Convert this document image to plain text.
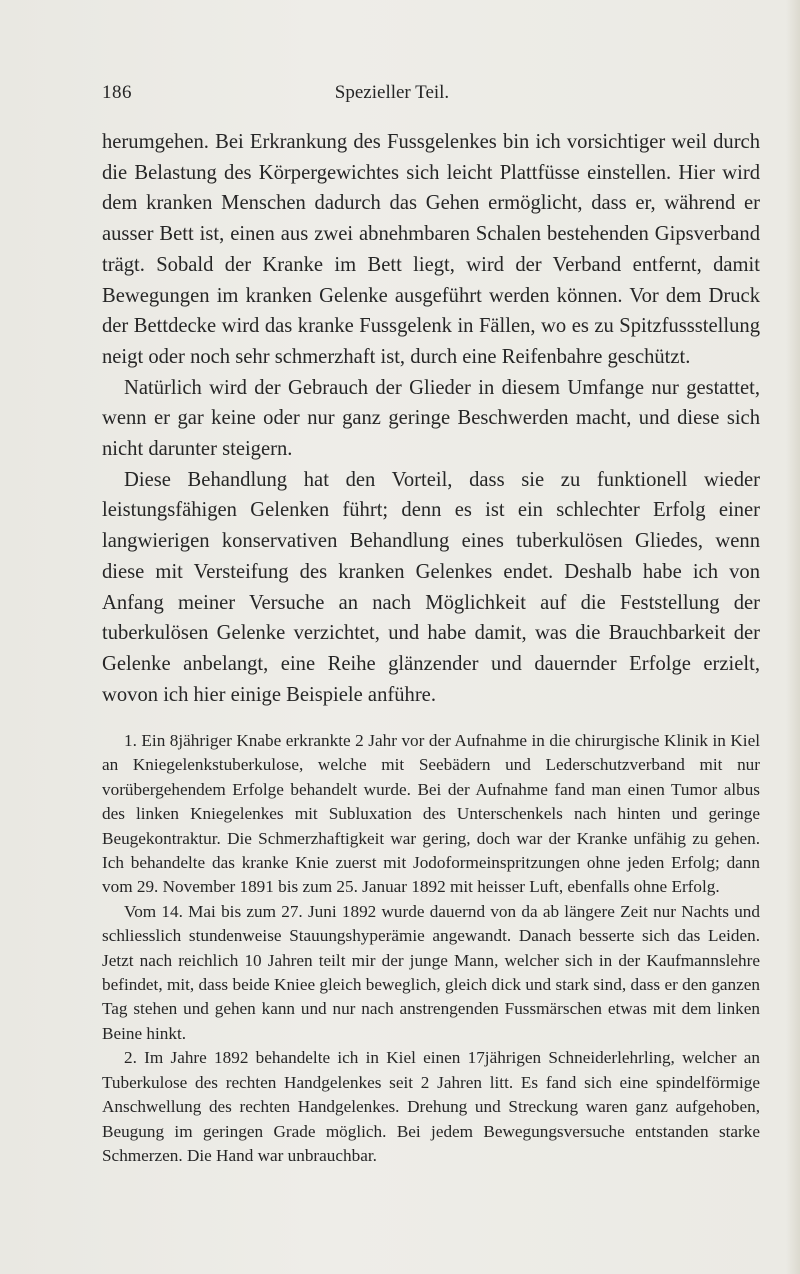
186	Spezieller Teil.

herumgehen. Bei Erkrankung des Fussgelenkes bin ich vorsichtiger weil durch die Belastung des Körpergewichtes sich leicht Plattfüsse einstellen. Hier wird dem kranken Menschen dadurch das Gehen ermöglicht, dass er, während er ausser Bett ist, einen aus zwei abnehmbaren Schalen bestehenden Gipsverband trägt. Sobald der Kranke im Bett liegt, wird der Verband entfernt, damit Bewegungen im kranken Gelenke ausgeführt werden können. Vor dem Druck der Bettdecke wird das kranke Fussgelenk in Fällen, wo es zu Spitzfussstellung neigt oder noch sehr schmerzhaft ist, durch eine Reifenbahre geschützt.

Natürlich wird der Gebrauch der Glieder in diesem Umfange nur gestattet, wenn er gar keine oder nur ganz geringe Beschwerden macht, und diese sich nicht darunter steigern.

Diese Behandlung hat den Vorteil, dass sie zu funktionell wieder leistungsfähigen Gelenken führt; denn es ist ein schlechter Erfolg einer langwierigen konservativen Behandlung eines tuberkulösen Gliedes, wenn diese mit Versteifung des kranken Gelenkes endet. Deshalb habe ich von Anfang meiner Versuche an nach Möglichkeit auf die Feststellung der tuberkulösen Gelenke verzichtet, und habe damit, was die Brauchbarkeit der Gelenke anbelangt, eine Reihe glänzender und dauernder Erfolge erzielt, wovon ich hier einige Beispiele anführe.

1. Ein 8jähriger Knabe erkrankte 2 Jahr vor der Aufnahme in die chirurgische Klinik in Kiel an Kniegelenkstuberkulose, welche mit Seebädern und Lederschutzverband mit nur vorübergehendem Erfolge behandelt wurde. Bei der Aufnahme fand man einen Tumor albus des linken Kniegelenkes mit Subluxation des Unterschenkels nach hinten und geringe Beugekontraktur. Die Schmerzhaftigkeit war gering, doch war der Kranke unfähig zu gehen. Ich behandelte das kranke Knie zuerst mit Jodoformeinspritzungen ohne jeden Erfolg; dann vom 29. November 1891 bis zum 25. Januar 1892 mit heisser Luft, ebenfalls ohne Erfolg.

Vom 14. Mai bis zum 27. Juni 1892 wurde dauernd von da ab längere Zeit nur Nachts und schliesslich stundenweise Stauungshyperämie angewandt. Danach besserte sich das Leiden. Jetzt nach reichlich 10 Jahren teilt mir der junge Mann, welcher sich in der Kaufmannslehre befindet, mit, dass beide Kniee gleich beweglich, gleich dick und stark sind, dass er den ganzen Tag stehen und gehen kann und nur nach anstrengenden Fussmärschen etwas mit dem linken Beine hinkt.

2. Im Jahre 1892 behandelte ich in Kiel einen 17jährigen Schneiderlehrling, welcher an Tuberkulose des rechten Handgelenkes seit 2 Jahren litt. Es fand sich eine spindelförmige Anschwellung des rechten Handgelenkes. Drehung und Streckung waren ganz aufgehoben, Beugung im geringen Grade möglich. Bei jedem Bewegungsversuche entstanden starke Schmerzen. Die Hand war unbrauchbar.
